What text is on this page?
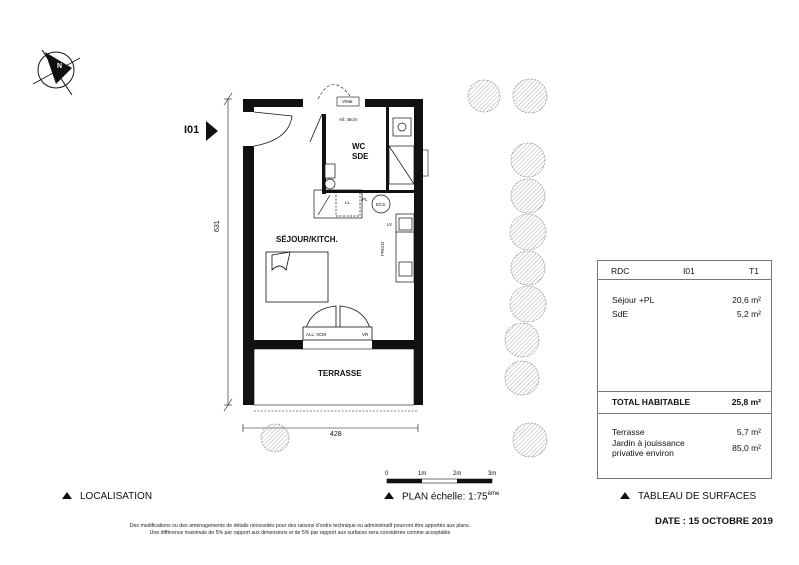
I01
WC
SDE
SÉJOUR/KITCH.
TERRASSE
VMat
All: 45cm
LL
PL
ECS
LV
FRIGO
ALL: 0CM	VR
631
428
0	1m	2m	3m
N
RDC	I01	T1
Séjour +PL	20,6 m²
SdE	5,2 m²
TOTAL HABITABLE	25,8 m²
Terrasse	5,7 m²
Jardin à jouissance	85,0 m²
privative environ
LOCALISATION	PLAN échelle: 1:75ème	TABLEAU DE SURFACES
Des modifications ou des aménagements de détails nécessités pour des raisons d'ordre technique ou administratif pourront être apportés aux plans.
Une différence maximale de 5% par rapport aux dimensions et de 5% par rapport aux surfaces sera considérée comme acceptable
DATE : 15 OCTOBRE 2019
